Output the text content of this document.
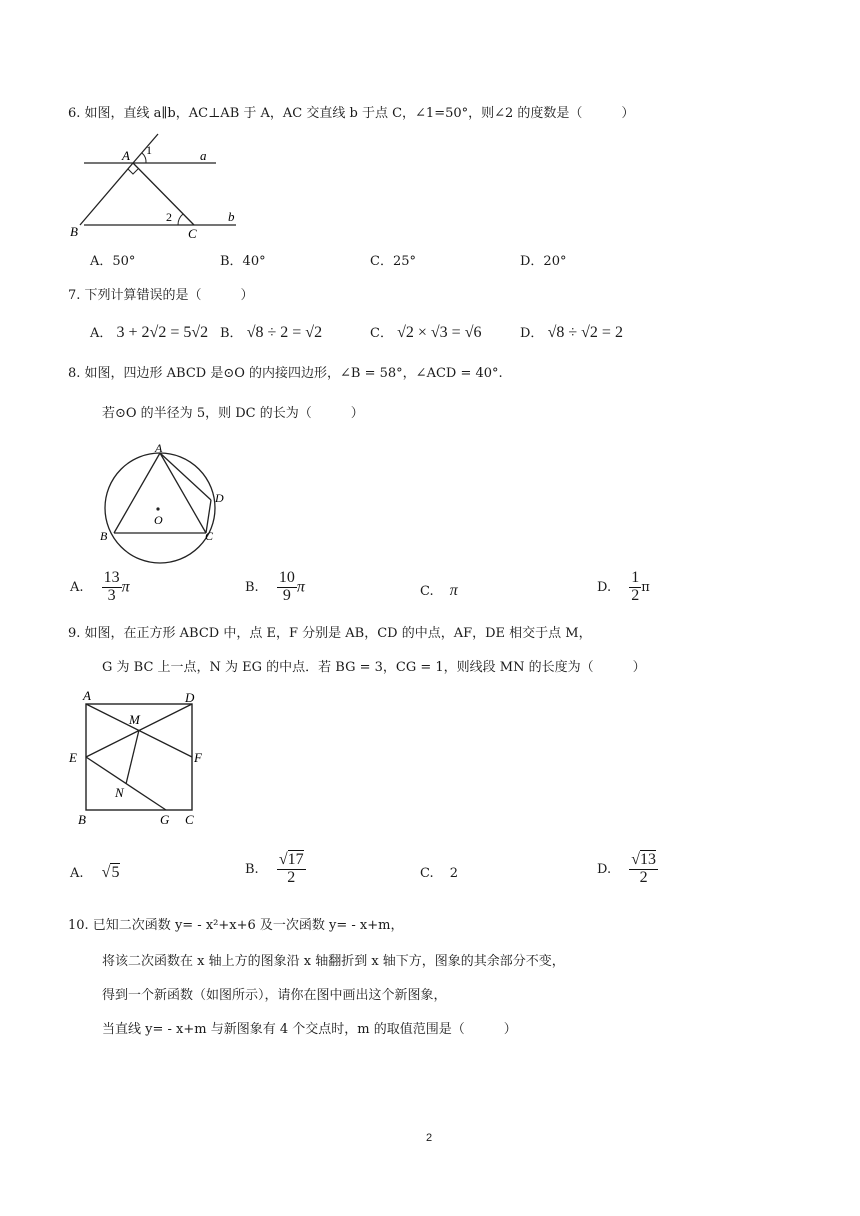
6. 如图，直线 a∥b，AC⊥AB 于 A，AC 交直线 b 于点 C，∠1=50°，则∠2 的度数是（　　　）
A 1	a
2	b
B	C
A．50°	B．40°	C．25°	D．20°
7. 下列计算错误的是（　　　）
A． 3 + 2√2 = 5√2 B． √8 ÷ 2 = √2	C． √2 × √3 = √6	D． √8 ÷ √2 = 2
8. 如图，四边形 ABCD 是⊙O 的内接四边形，∠B = 58°，∠ACD = 40°.
若⊙O 的半径为 5，则 DC 的长为（　　　）
A
D
O
B	C
A. $\frac{13}{3}$ π	B. $\frac{10}{9}$ π	C. π	D. $\frac{1}{2}$ π
9. 如图，在正方形 ABCD 中，点 E，F 分别是 AB，CD 的中点，AF，DE 相交于点 M，
G 为 BC 上一点，N 为 EG 的中点．若 BG = 3，CG = 1，则线段 MN 的长度为（　　　）
A	D
M
E	F
N
B	G C
A. √5	B. $\frac{√17}{2}$	C. 2	D. $\frac{√13}{2}$
10. 已知二次函数 y= - x²+x+6 及一次函数 y= - x+m，
将该二次函数在 x 轴上方的图象沿 x 轴翻折到 x 轴下方，图象的其余部分不变，
得到一个新函数（如图所示），请你在图中画出这个新图象，
当直线 y= - x+m 与新图象有 4 个交点时，m 的取值范围是（　　　）
2
